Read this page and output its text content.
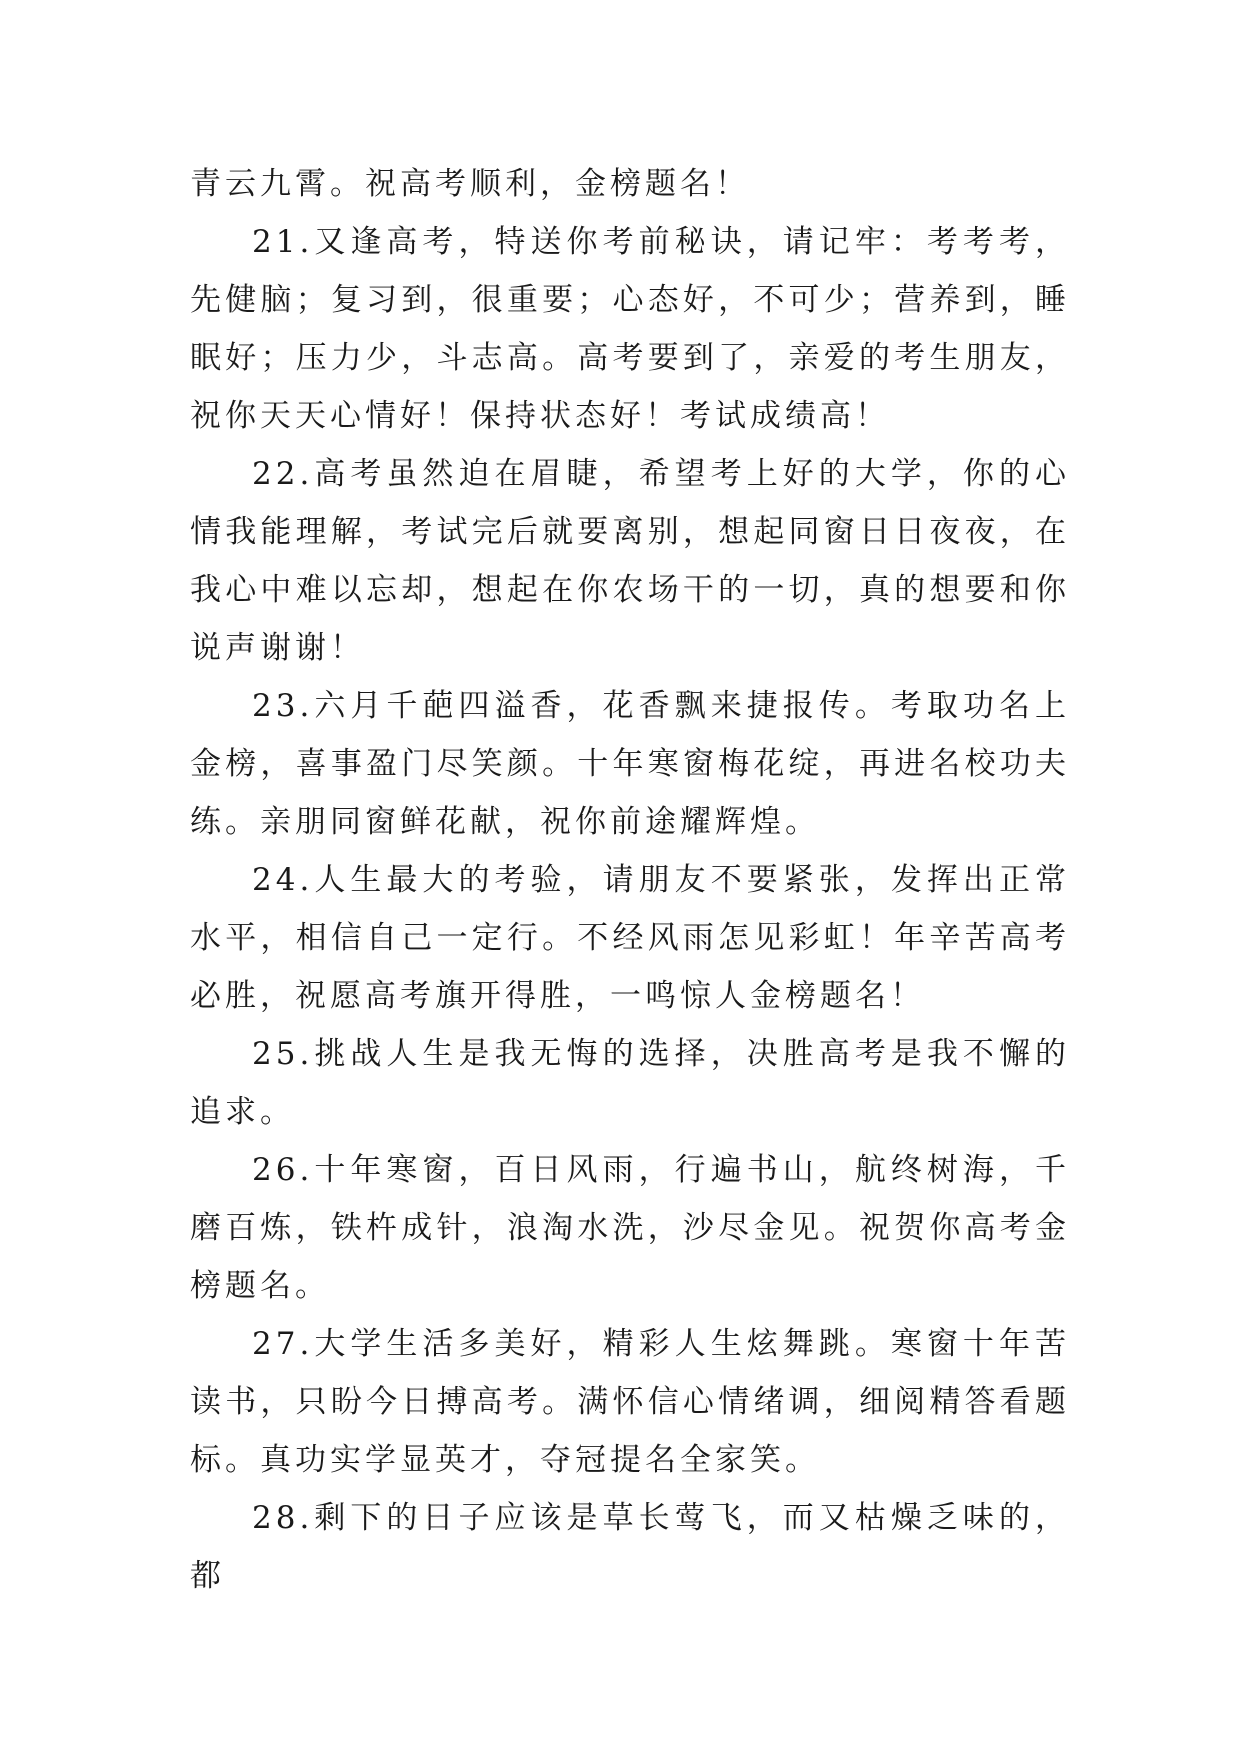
青云九霄。祝高考顺利，金榜题名！

21.又逢高考，特送你考前秘诀，请记牢：考考考，先健脑；复习到，很重要；心态好，不可少；营养到，睡眠好；压力少，斗志高。高考要到了，亲爱的考生朋友，祝你天天心情好！保持状态好！考试成绩高！

22.高考虽然迫在眉睫，希望考上好的大学，你的心情我能理解，考试完后就要离别，想起同窗日日夜夜，在我心中难以忘却，想起在你农场干的一切，真的想要和你说声谢谢！

23.六月千葩四溢香，花香飘来捷报传。考取功名上金榜，喜事盈门尽笑颜。十年寒窗梅花绽，再进名校功夫练。亲朋同窗鲜花献，祝你前途耀辉煌。

24.人生最大的考验，请朋友不要紧张，发挥出正常水平，相信自己一定行。不经风雨怎见彩虹！年辛苦高考必胜，祝愿高考旗开得胜，一鸣惊人金榜题名！

25.挑战人生是我无悔的选择，决胜高考是我不懈的追求。

26.十年寒窗，百日风雨，行遍书山，航终树海，千磨百炼，铁杵成针，浪淘水洗，沙尽金见。祝贺你高考金榜题名。

27.大学生活多美好，精彩人生炫舞跳。寒窗十年苦读书，只盼今日搏高考。满怀信心情绪调，细阅精答看题标。真功实学显英才，夺冠提名全家笑。

28.剩下的日子应该是草长莺飞，而又枯燥乏味的，都
